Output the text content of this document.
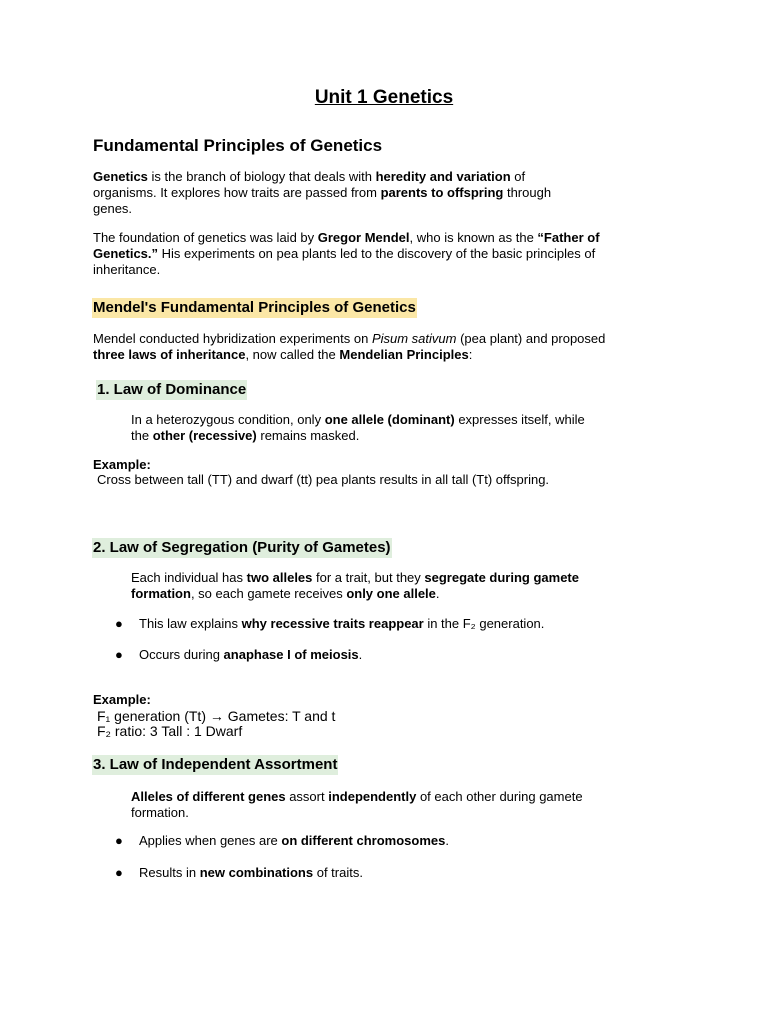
Unit 1 Genetics
Fundamental Principles of Genetics

Genetics is the branch of biology that deals with heredity and variation of
organisms. It explores how traits are passed from parents to offspring through
genes.

The foundation of genetics was laid by Gregor Mendel, who is known as the “Father of
Genetics.” His experiments on pea plants led to the discovery of the basic principles of
inheritance.

Mendel's Fundamental Principles of Genetics

Mendel conducted hybridization experiments on Pisum sativum (pea plant) and proposed
three laws of inheritance, now called the Mendelian Principles:

1. Law of Dominance

In a heterozygous condition, only one allele (dominant) expresses itself, while
the other (recessive) remains masked.

Example:

Cross between tall (TT) and dwarf (tt) pea plants results in all tall (Tt) offspring.

2. Law of Segregation (Purity of Gametes)

Each individual has two alleles for a trait, but they segregate during gamete
formation, so each gamete receives only one allele.

● This law explains why recessive traits reappear in the F₂ generation.

● Occurs during anaphase I of meiosis.

Example:

F₁ generation (Tt) → Gametes: T and t

F₂ ratio: 3 Tall : 1 Dwarf

3. Law of Independent Assortment

Alleles of different genes assort independently of each other during gamete
formation.

● Applies when genes are on different chromosomes.

● Results in new combinations of traits.
